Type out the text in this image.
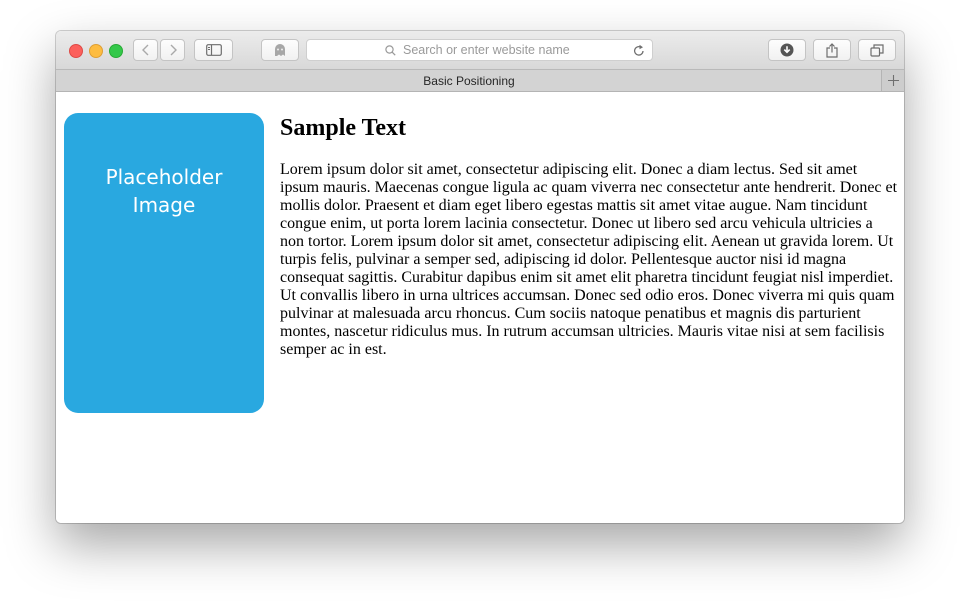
Search or enter website name
Basic Positioning
Placeholder
Image
Sample Text

Lorem ipsum dolor sit amet, consectetur adipiscing elit. Donec a diam lectus. Sed sit amet ipsum mauris. Maecenas congue ligula ac quam viverra nec consectetur ante hendrerit. Donec et mollis dolor. Praesent et diam eget libero egestas mattis sit amet vitae augue. Nam tincidunt congue enim, ut porta lorem lacinia consectetur. Donec ut libero sed arcu vehicula ultricies a non tortor. Lorem ipsum dolor sit amet, consectetur adipiscing elit. Aenean ut gravida lorem. Ut turpis felis, pulvinar a semper sed, adipiscing id dolor. Pellentesque auctor nisi id magna consequat sagittis. Curabitur dapibus enim sit amet elit pharetra tincidunt feugiat nisl imperdiet. Ut convallis libero in urna ultrices accumsan. Donec sed odio eros. Donec viverra mi quis quam pulvinar at malesuada arcu rhoncus. Cum sociis natoque penatibus et magnis dis parturient montes, nascetur ridiculus mus. In rutrum accumsan ultricies. Mauris vitae nisi at sem facilisis semper ac in est.
